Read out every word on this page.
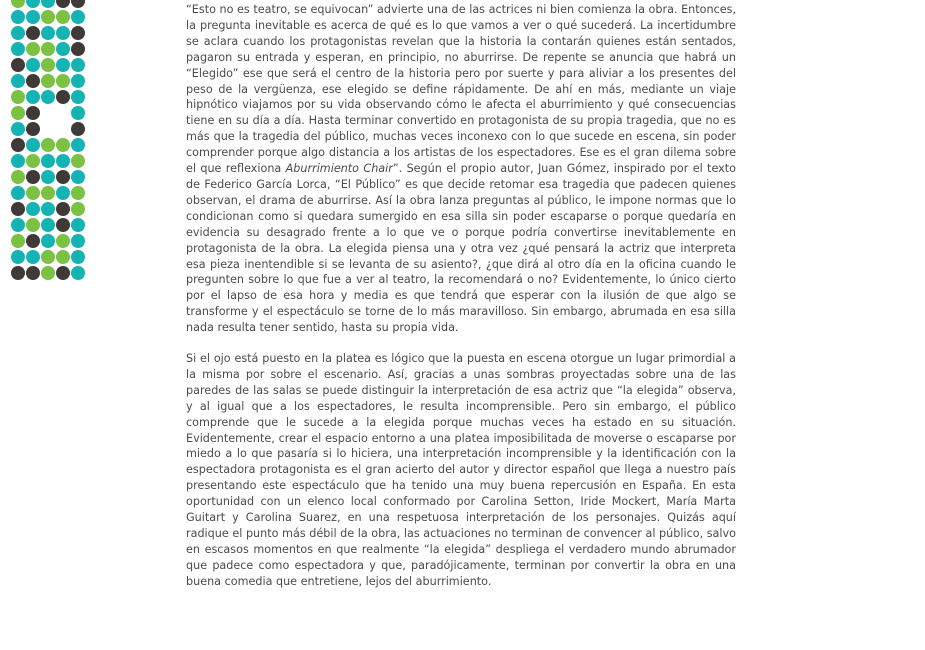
“Esto no es teatro, se equivocan” advierte una de las actrices ni bien comienza la obra. Entonces, la pregunta inevitable es acerca de qué es lo que vamos a ver o qué sucederá. La incertidumbre se aclara cuando los protagonistas revelan que la historia la contarán quienes están sentados, pagaron su entrada y esperan, en principio, no aburrirse. De repente se anuncia que habrá un “Elegido” ese que será el centro de la historia pero por suerte y para aliviar a los presentes del peso de la vergüenza, ese elegido se define rápidamente. De ahí en más, mediante un viaje hipnótico viajamos por su vida observando cómo le afecta el aburrimiento y qué consecuencias tiene en su día a día. Hasta terminar convertido en protagonista de su propia tragedia, que no es más que la tragedia del público, muchas veces inconexo con lo que sucede en escena, sin poder comprender porque algo distancia a los artistas de los espectadores. Ese es el gran dilema sobre el que reflexiona Aburrimiento Chair”. Según el propio autor, Juan Gómez, inspirado por el texto de Federico García Lorca, “El Público” es que decide retomar esa tragedia que padecen quienes observan, el drama de aburrirse. Así la obra lanza preguntas al público, le impone normas que lo condicionan como si quedara sumergido en esa silla sin poder escaparse o porque quedaría en evidencia su desagrado frente a lo que ve o porque podría convertirse inevitablemente en protagonista de la obra. La elegida piensa una y otra vez ¿qué pensará la actriz que interpreta esa pieza inentendible si se levanta de su asiento?, ¿que dirá al otro día en la oficina cuando le pregunten sobre lo que fue a ver al teatro, la recomendará o no? Evidentemente, lo único cierto por el lapso de esa hora y media es que tendrá que esperar con la ilusión de que algo se transforme y el espectáculo se torne de lo más maravilloso. Sin embargo, abrumada en esa silla nada resulta tener sentido, hasta su propia vida.

Si el ojo está puesto en la platea es lógico que la puesta en escena otorgue un lugar primordial a la misma por sobre el escenario. Así, gracias a unas sombras proyectadas sobre una de las paredes de las salas se puede distinguir la interpretación de esa actriz que “la elegida” observa, y al igual que a los espectadores, le resulta incomprensible. Pero sin embargo, el público comprende que le sucede a la elegida porque muchas veces ha estado en su situación. Evidentemente, crear el espacio entorno a una platea imposibilitada de moverse o escaparse por miedo a lo que pasaría si lo hiciera, una interpretación incomprensible y la identificación con la espectadora protagonista es el gran acierto del autor y director español que llega a nuestro país presentando este espectáculo que ha tenido una muy buena repercusión en España. En esta oportunidad con un elenco local conformado por Carolina Setton, Iride Mockert, María Marta Guitart y Carolina Suarez, en una respetuosa interpretación de los personajes. Quizás aquí radique el punto más débil de la obra, las actuaciones no terminan de convencer al público, salvo en escasos momentos en que realmente “la elegida” despliega el verdadero mundo abrumador que padece como espectadora y que, paradójicamente, terminan por convertir la obra en una buena comedia que entretiene, lejos del aburrimiento.
